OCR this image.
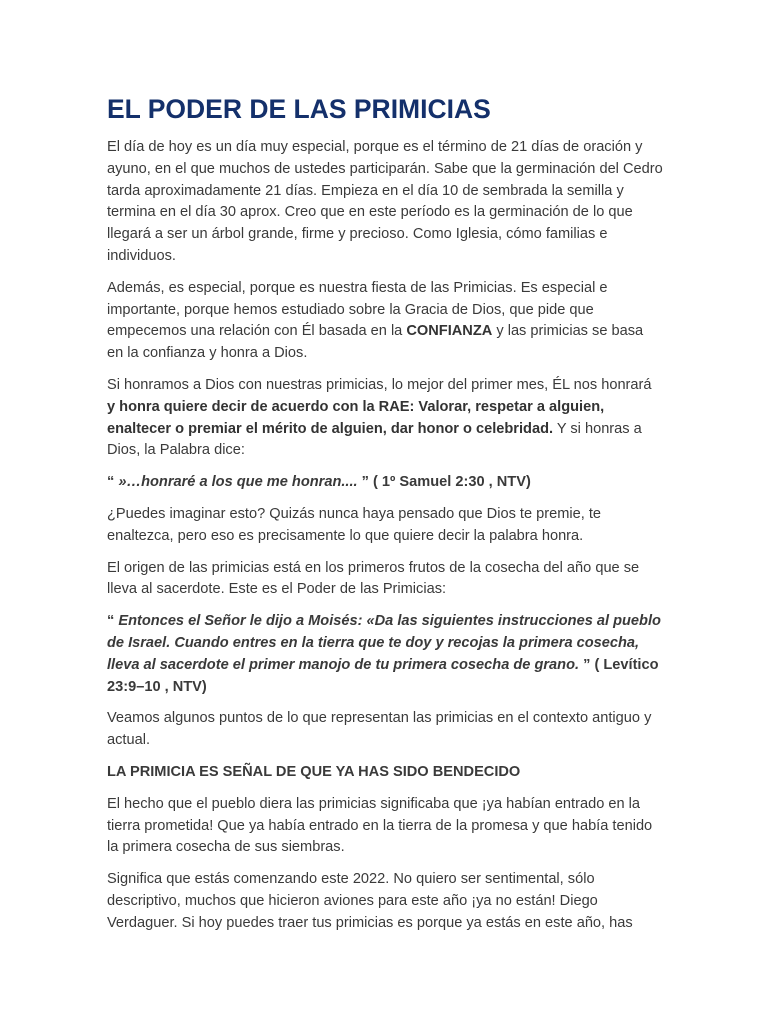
EL PODER DE LAS PRIMICIAS

El día de hoy es un día muy especial, porque es el término de 21 días de oración y ayuno, en el que muchos de ustedes participarán. Sabe que la germinación del Cedro tarda aproximadamente 21 días. Empieza en el día 10 de sembrada la semilla y termina en el día 30 aprox. Creo que en este período es la germinación de lo que llegará a ser un árbol grande, firme y precioso. Como Iglesia, cómo familias e individuos.

Además, es especial, porque es nuestra fiesta de las Primicias. Es especial e importante, porque hemos estudiado sobre la Gracia de Dios, que pide que empecemos una relación con Él basada en la CONFIANZA y las primicias se basa en la confianza y honra a Dios.

Si honramos a Dios con nuestras primicias, lo mejor del primer mes, ÉL nos honrará y honra quiere decir de acuerdo con la RAE: Valorar, respetar a alguien, enaltecer o premiar el mérito de alguien, dar honor o celebridad. Y si honras a Dios, la Palabra dice:

“ »…honraré a los que me honran.... ” ( 1º Samuel 2:30 , NTV)

¿Puedes imaginar esto? Quizás nunca haya pensado que Dios te premie, te enaltezca, pero eso es precisamente lo que quiere decir la palabra honra.

El origen de las primicias está en los primeros frutos de la cosecha del año que se lleva al sacerdote. Este es el Poder de las Primicias:

“ Entonces el Señor le dijo a Moisés: «Da las siguientes instrucciones al pueblo de Israel. Cuando entres en la tierra que te doy y recojas la primera cosecha, lleva al sacerdote el primer manojo de tu primera cosecha de grano. ” ( Levítico 23:9–10 , NTV)

Veamos algunos puntos de lo que representan las primicias en el contexto antiguo y actual.

LA PRIMICIA ES SEÑAL DE QUE YA HAS SIDO BENDECIDO

El hecho que el pueblo diera las primicias significaba que ¡ya habían entrado en la tierra prometida! Que ya había entrado en la tierra de la promesa y que había tenido la primera cosecha de sus siembras.

Significa que estás comenzando este 2022. No quiero ser sentimental, sólo descriptivo, muchos que hicieron aviones para este año ¡ya no están! Diego Verdaguer. Si hoy puedes traer tus primicias es porque ya estás en este año, has
